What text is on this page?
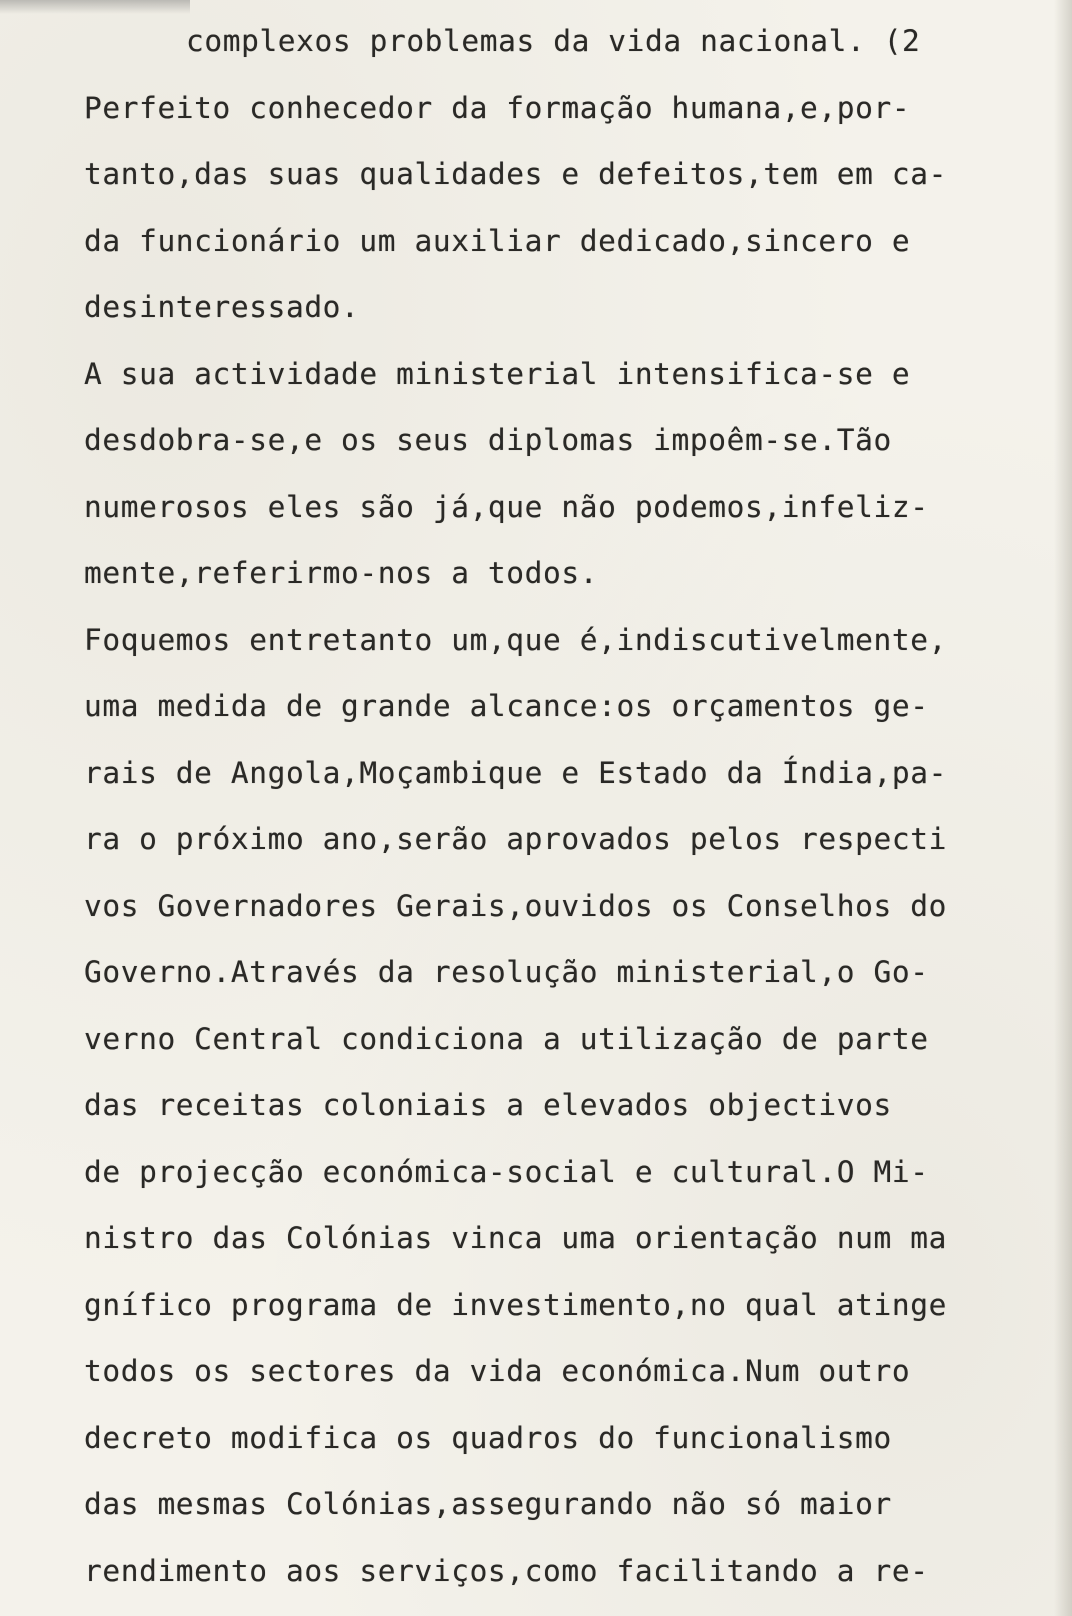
complexos problemas da vida nacional. (2
Perfeito conhecedor da formação humana,e,por-
tanto,das suas qualidades e defeitos,tem em ca-
da funcionário um auxiliar dedicado,sincero e
desinteressado.
A sua actividade ministerial intensifica-se e
desdobra-se,e os seus diplomas impoêm-se.Tão
numerosos eles são já,que não podemos,infeliz-
mente,referirmo-nos a todos.
Foquemos entretanto um,que é,indiscutivelmente,
uma medida de grande alcance:os orçamentos ge-
rais de Angola,Moçambique e Estado da Índia,pa-
ra o próximo ano,serão aprovados pelos respecti
vos Governadores Gerais,ouvidos os Conselhos do
Governo.Através da resolução ministerial,o Go-
verno Central condiciona a utilização de parte
das receitas coloniais a elevados objectivos
de projecção económica-social e cultural.O Mi-
nistro das Colónias vinca uma orientação num ma
gnífico programa de investimento,no qual atinge
todos os sectores da vida económica.Num outro
decreto modifica os quadros do funcionalismo
das mesmas Colónias,assegurando não só maior
rendimento aos serviços,como facilitando a re-
